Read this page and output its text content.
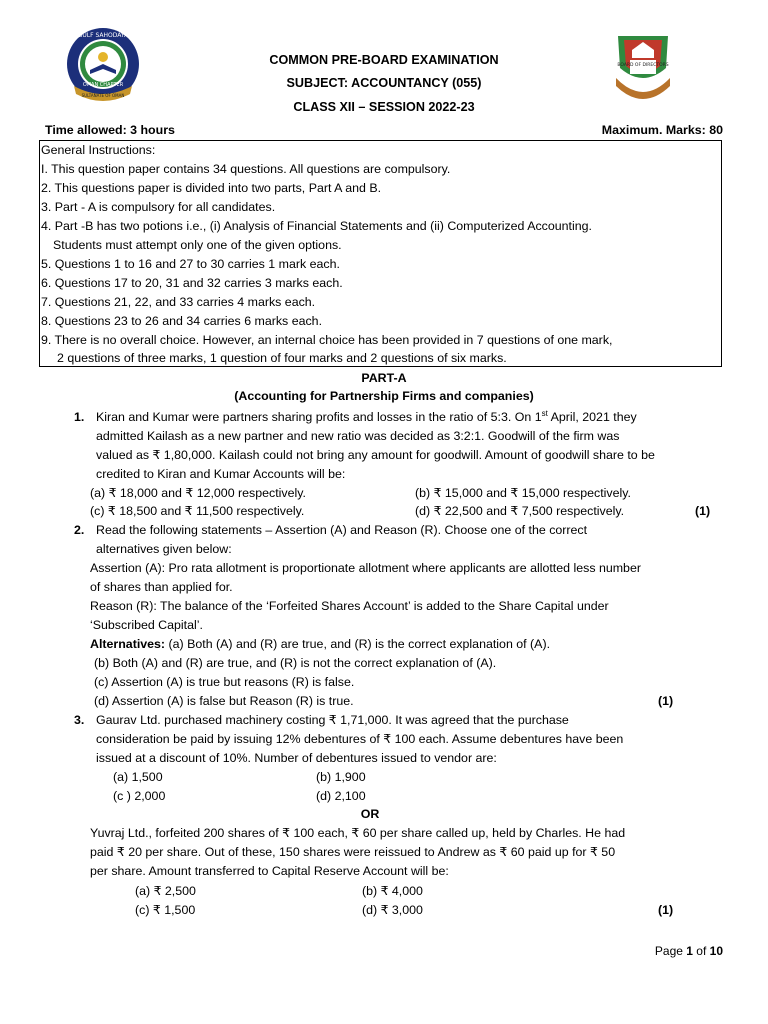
GULF SAHODAYA
OMAN CHAPTER
SULTANATE OF OMAN
BOARD OF DIRECTORS
COMMON PRE-BOARD EXAMINATION
SUBJECT: ACCOUNTANCY (055)
CLASS XII – SESSION 2022-23
Time allowed: 3 hours	Maximum. Marks: 80
General Instructions:
I. This question paper contains 34 questions. All questions are compulsory.
2. This questions paper is divided into two parts, Part A and B.
3. Part - A is compulsory for all candidates.
4. Part -B has two potions i.e., (i) Analysis of Financial Statements and (ii) Computerized Accounting.
Students must attempt only one of the given options.
5. Questions 1 to 16 and 27 to 30 carries 1 mark each.
6. Questions 17 to 20, 31 and 32 carries 3 marks each.
7. Questions 21, 22, and 33 carries 4 marks each.
8. Questions 23 to 26 and 34 carries 6 marks each.
9. There is no overall choice. However, an internal choice has been provided in 7 questions of one mark,
2 questions of three marks, 1 question of four marks and 2 questions of six marks.
PART-A
(Accounting for Partnership Firms and companies)
1. Kiran and Kumar were partners sharing profits and losses in the ratio of 5:3. On 1st April, 2021 they
admitted Kailash as a new partner and new ratio was decided as 3:2:1. Goodwill of the firm was
valued as ₹ 1,80,000. Kailash could not bring any amount for goodwill. Amount of goodwill share to be
credited to Kiran and Kumar Accounts will be:
(a) ₹ 18,000 and ₹ 12,000 respectively.	(b) ₹ 15,000 and ₹ 15,000 respectively.
(c) ₹ 18,500 and ₹ 11,500 respectively.	(d) ₹ 22,500 and ₹ 7,500 respectively.	(1)
2. Read the following statements – Assertion (A) and Reason (R). Choose one of the correct
alternatives given below:
Assertion (A): Pro rata allotment is proportionate allotment where applicants are allotted less number
of shares than applied for.
Reason (R): The balance of the ‘Forfeited Shares Account’ is added to the Share Capital under
‘Subscribed Capital’.
Alternatives: (a) Both (A) and (R) are true, and (R) is the correct explanation of (A).
(b) Both (A) and (R) are true, and (R) is not the correct explanation of (A).
(c) Assertion (A) is true but reasons (R) is false.
(d) Assertion (A) is false but Reason (R) is true.	(1)
3. Gaurav Ltd. purchased machinery costing ₹ 1,71,000. It was agreed that the purchase
consideration be paid by issuing 12% debentures of ₹ 100 each. Assume debentures have been
issued at a discount of 10%. Number of debentures issued to vendor are:
(a) 1,500	(b) 1,900
(c ) 2,000	(d) 2,100
OR
Yuvraj Ltd., forfeited 200 shares of ₹ 100 each, ₹ 60 per share called up, held by Charles. He had
paid ₹ 20 per share. Out of these, 150 shares were reissued to Andrew as ₹ 60 paid up for ₹ 50
per share. Amount transferred to Capital Reserve Account will be:
(a) ₹ 2,500	(b) ₹ 4,000
(c) ₹ 1,500	(d) ₹ 3,000	(1)
Page 1 of 10
